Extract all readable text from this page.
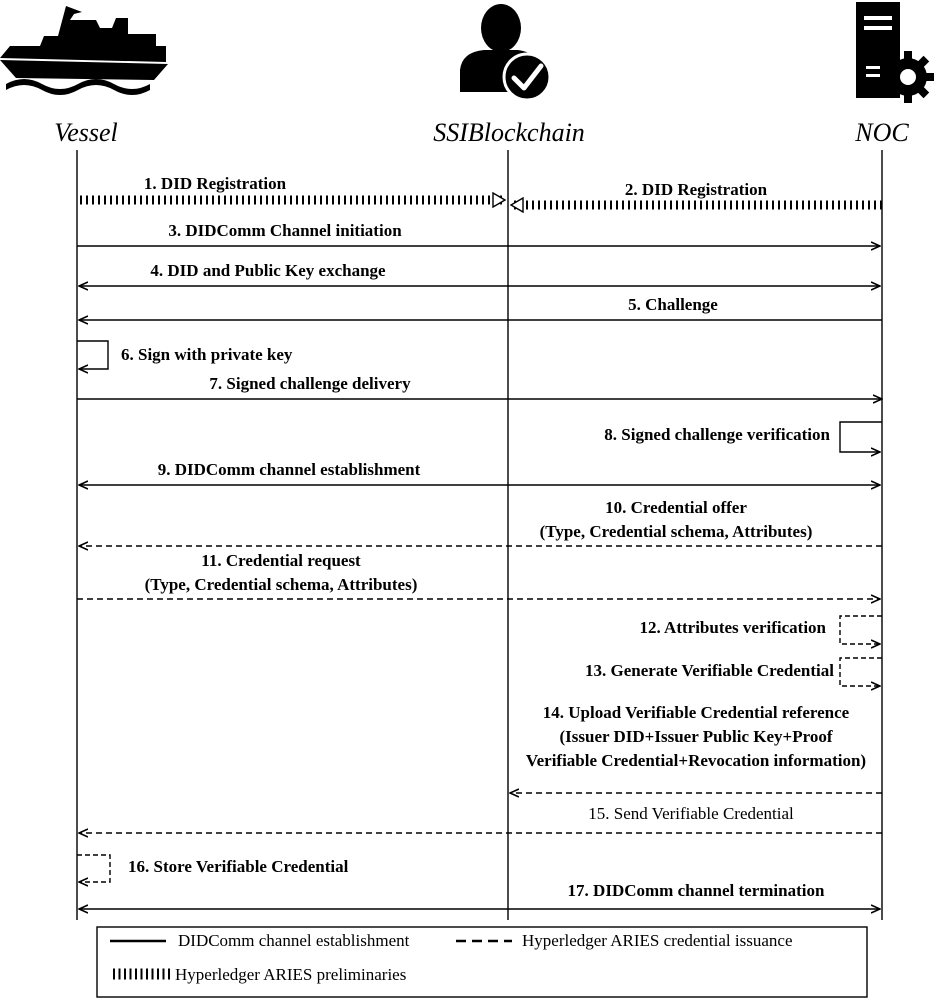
Vessel	SSIBlockchain	NOC
1. DID Registration	2. DID Registration
3. DIDComm Channel initiation
4. DID and Public Key exchange
5. Challenge
6. Sign with private key
7. Signed challenge delivery
8. Signed challenge verification
9. DIDComm channel establishment
10. Credential offer
(Type, Credential schema, Attributes)
11. Credential request
(Type, Credential schema, Attributes)
12. Attributes verification
13. Generate Verifiable Credential
14. Upload Verifiable Credential reference
(Issuer DID+Issuer Public Key+Proof
Verifiable Credential+Revocation information)
15. Send Verifiable Credential
16. Store Verifiable Credential
17. DIDComm channel termination
DIDComm channel establishment	Hyperledger ARIES credential issuance
Hyperledger ARIES preliminaries
